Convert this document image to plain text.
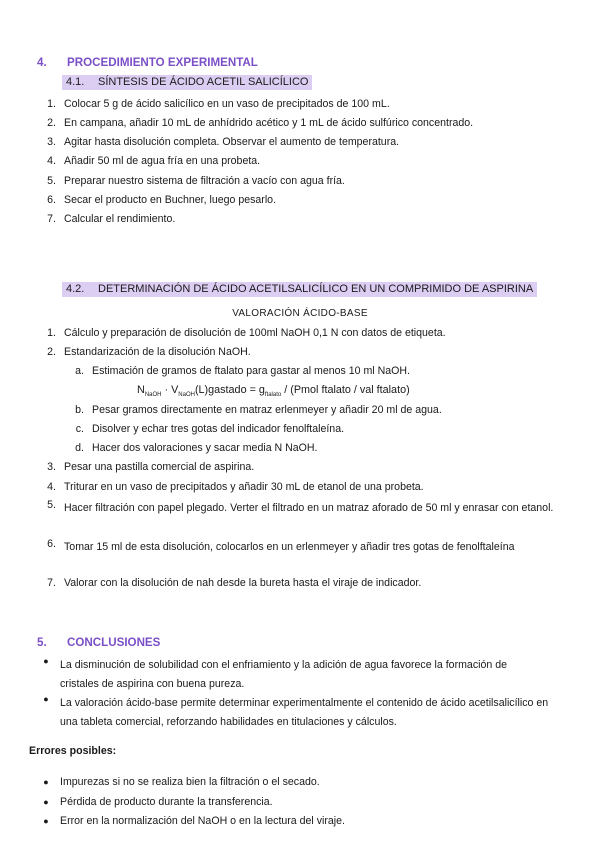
4. PROCEDIMIENTO EXPERIMENTAL
4.1. SÍNTESIS DE ÁCIDO ACETIL SALICÍLICO
1. Colocar 5 g de ácido salicílico en un vaso de precipitados de 100 mL.
2. En campana, añadir 10 mL de anhídrido acético y 1 mL de ácido sulfúrico concentrado.
3. Agitar hasta disolución completa. Observar el aumento de temperatura.
4. Añadir 50 ml de agua fría en una probeta.
5. Preparar nuestro sistema de filtración a vacío con agua fría.
6. Secar el producto en Buchner, luego pesarlo.
7. Calcular el rendimiento.
4.2. DETERMINACIÓN DE ÁCIDO ACETILSALICÍLICO EN UN COMPRIMIDO DE ASPIRINA
VALORACIÓN ÁCIDO-BASE
1. Cálculo y preparación de disolución de 100ml NaOH 0,1 N con datos de etiqueta.
2. Estandarización de la disolución NaOH.
a. Estimación de gramos de ftalato para gastar al menos 10 ml NaOH.
$N_{NaOH}$ · $V_{NaOH}(L)gastado = g_{ftalato}$ / (Pmol ftalato / val ftalato)
b. Pesar gramos directamente en matraz erlenmeyer y añadir 20 ml de agua.
c. Disolver y echar tres gotas del indicador fenolftaleína.
d. Hacer dos valoraciones y sacar media N NaOH.
3. Pesar una pastilla comercial de aspirina.
4. Triturar en un vaso de precipitados y añadir 30 mL de etanol de una probeta.
5. Hacer filtración con papel plegado. Verter el filtrado en un matraz aforado de 50 ml y enrasar con etanol.
6. Tomar 15 ml de esta disolución, colocarlos en un erlenmeyer y añadir tres gotas de fenolftaleína
7. Valorar con la disolución de nah desde la bureta hasta el viraje de indicador.
5. CONCLUSIONES
●	La disminución de solubilidad con el enfriamiento y la adición de agua favorece la formación de cristales de aspirina con buena pureza.
●	La valoración ácido-base permite determinar experimentalmente el contenido de ácido acetilsalicílico en una tableta comercial, reforzando habilidades en titulaciones y cálculos.
Errores posibles:
● Impurezas si no se realiza bien la filtración o el secado.
● Pérdida de producto durante la transferencia.
● Error en la normalización del NaOH o en la lectura del viraje.
